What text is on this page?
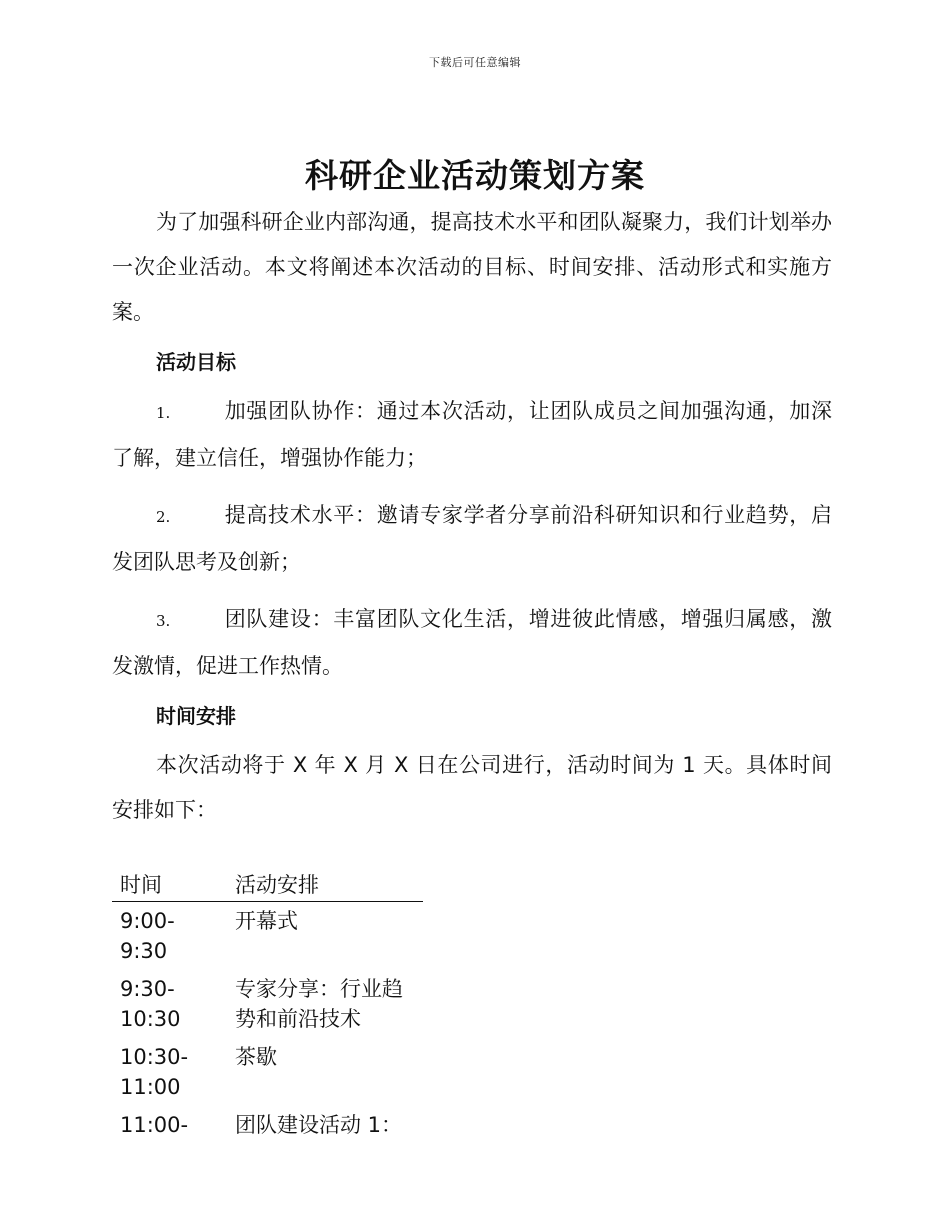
下载后可任意编辑
科研企业活动策划方案

为了加强科研企业内部沟通，提高技术水平和团队凝聚力，我们计划举办一次企业活动。本文将阐述本次活动的目标、时间安排、活动形式和实施方案。

活动目标

1.	加强团队协作：通过本次活动，让团队成员之间加强沟通，加深了解，建立信任，增强协作能力；

2.	提高技术水平：邀请专家学者分享前沿科研知识和行业趋势，启发团队思考及创新；

3.	团队建设：丰富团队文化生活，增进彼此情感，增强归属感，激发激情，促进工作热情。

时间安排

本次活动将于 X 年 X 月 X 日在公司进行，活动时间为 1 天。具体时间安排如下：

时间	活动安排
9:00-9:30	开幕式
9:30-10:30	专家分享：行业趋势和前沿技术
10:30-11:00	茶歇
11:00-	团队建设活动 1：
